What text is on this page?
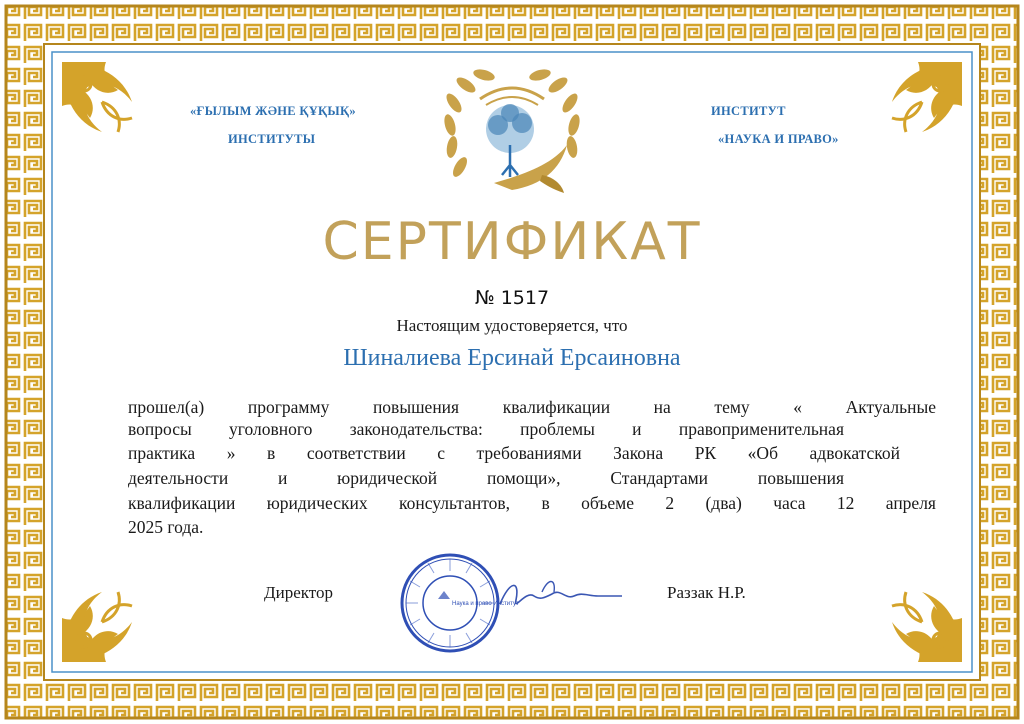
«ҒЫЛЫМ ЖӘНЕ ҚҰҚЫҚ»
ИНСТИТУТЫ
ИНСТИТУТ
«НАУКА И ПРАВО»
СЕРТИФИКАТ
№ 1517
Настоящим удостоверяется, что
Шиналиева Ерсинай Ерсаиновна
прошел(а) программу повышения квалификации на тему « Актуальные
вопросы уголовного законодательства: проблемы и правоприменительная
практика » в соответствии с требованиями Закона РК «Об адвокатской
деятельности и юридической помощи», Стандартами повышения
квалификации юридических консультантов, в объеме 2 (два) часа 12 апреля
2025 года.
Директор	Раззак Н.Р.
Наука и право Институт
